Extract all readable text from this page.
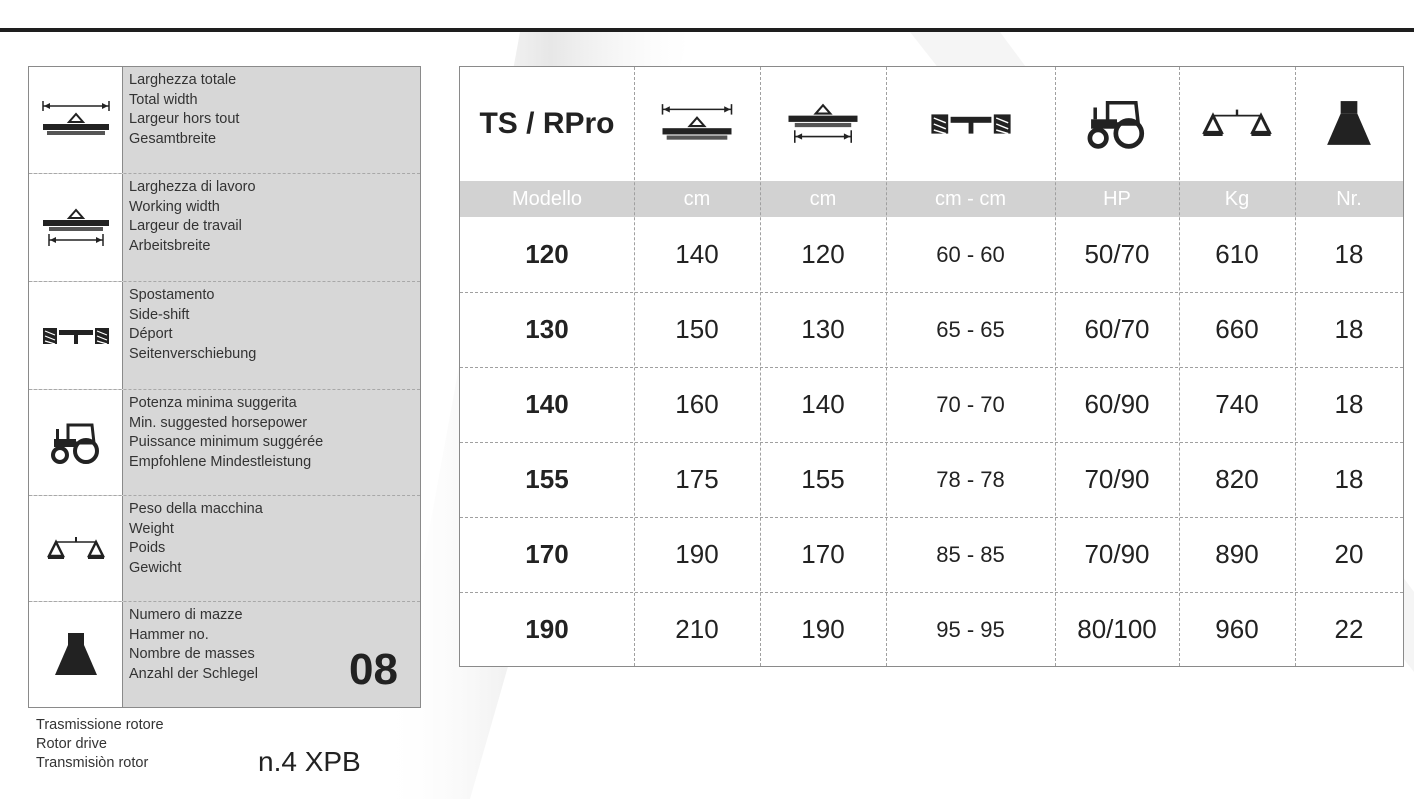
Larghezza totale
Total width
Largeur hors tout
Gesamtbreite
Larghezza di lavoro
Working width
Largeur de travail
Arbeitsbreite
Spostamento
Side-shift
Déport
Seitenverschiebung
Potenza minima suggerita
Min. suggested horsepower
Puissance minimum suggérée
Empfohlene Mindestleistung
Peso della macchina
Weight
Poids
Gewicht
Numero di mazze
Hammer no.
Nombre de masses
Anzahl der Schlegel 08
Trasmissione rotore
Rotor drive
Transmisiòn rotor	n.4 XPB
TS / RPro
Modello	cm	cm	cm - cm	HP	Kg	Nr.
120	140	120	60 - 60	50/70	610	18
130	150	130	65 - 65	60/70	660	18
140	160	140	70 - 70	60/90	740	18
155	175	155	78 - 78	70/90	820	18
170	190	170	85 - 85	70/90	890	20
190	210	190	95 - 95	80/100	960	22
